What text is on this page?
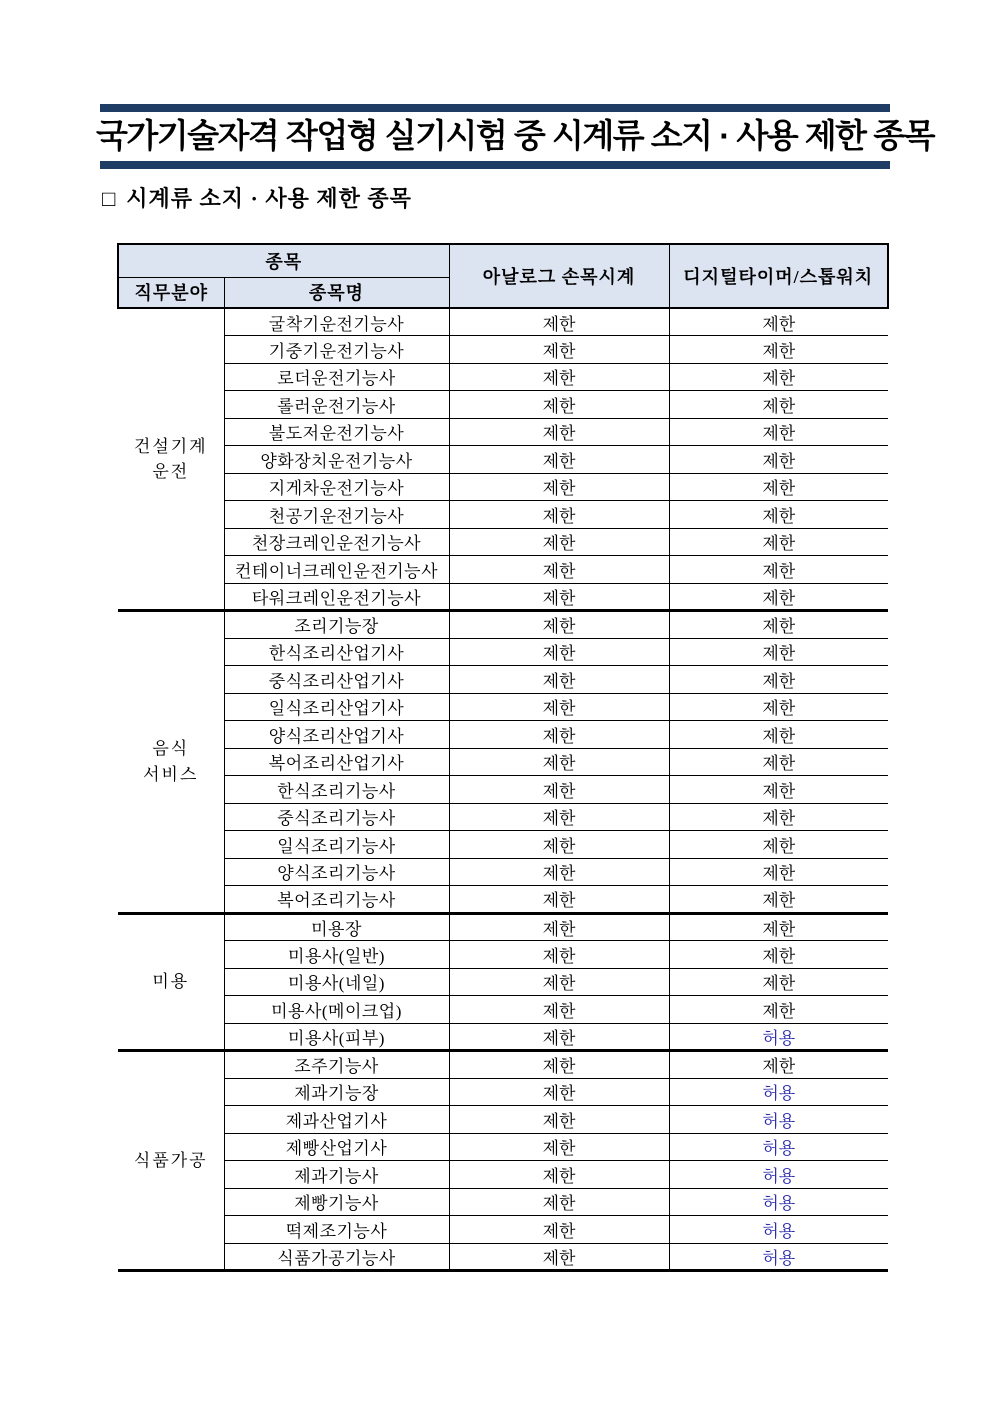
국가기술자격 작업형 실기시험 중 시계류 소지 · 사용 제한 종목
□ 시계류 소지 · 사용 제한 종목
종목		아날로그 손목시계	디지털타이머/스톱워치
직무분야	종목명		

건설기계
운전	굴착기운전기능사	제한	제한
	기중기운전기능사	제한	제한
	로더운전기능사	제한	제한
	롤러운전기능사	제한	제한
	불도저운전기능사	제한	제한
	양화장치운전기능사	제한	제한
	지게차운전기능사	제한	제한
	천공기운전기능사	제한	제한
	천장크레인운전기능사	제한	제한
	컨테이너크레인운전기능사	제한	제한
	타워크레인운전기능사	제한	제한

음식
서비스	조리기능장	제한	제한
	한식조리산업기사	제한	제한
	중식조리산업기사	제한	제한
	일식조리산업기사	제한	제한
	양식조리산업기사	제한	제한
	복어조리산업기사	제한	제한
	한식조리기능사	제한	제한
	중식조리기능사	제한	제한
	일식조리기능사	제한	제한
	양식조리기능사	제한	제한
	복어조리기능사	제한	제한

미용	미용장	제한	제한
	미용사(일반)	제한	제한
	미용사(네일)	제한	제한
	미용사(메이크업)	제한	제한
	미용사(피부)	제한	허용

식품가공	조주기능사	제한	제한
	제과기능장	제한	허용
	제과산업기사	제한	허용
	제빵산업기사	제한	허용
	제과기능사	제한	허용
	제빵기능사	제한	허용
	떡제조기능사	제한	허용
	식품가공기능사	제한	허용
